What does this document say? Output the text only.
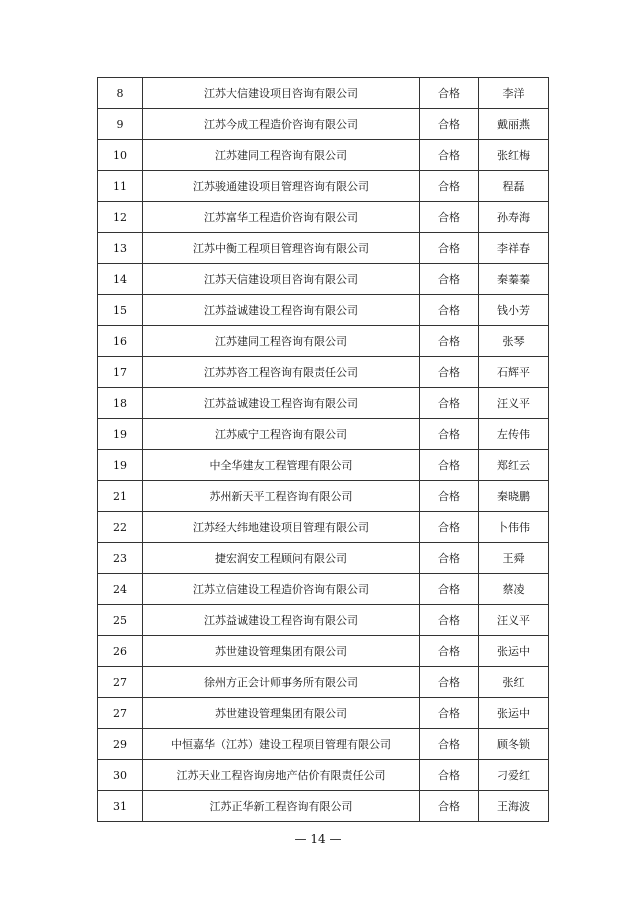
8	江苏大信建设项目咨询有限公司	合格	李洋
9	江苏今成工程造价咨询有限公司	合格	戴丽燕
10	江苏建同工程咨询有限公司	合格	张红梅
11	江苏骏通建设项目管理咨询有限公司	合格	程磊
12	江苏富华工程造价咨询有限公司	合格	孙寿海
13	江苏中衡工程项目管理咨询有限公司	合格	李祥春
14	江苏天信建设项目咨询有限公司	合格	秦蓁蓁
15	江苏益诚建设工程咨询有限公司	合格	钱小芳
16	江苏建同工程咨询有限公司	合格	张琴
17	江苏苏咨工程咨询有限责任公司	合格	石辉平
18	江苏益诚建设工程咨询有限公司	合格	汪义平
19	江苏威宁工程咨询有限公司	合格	左传伟
19	中全华建友工程管理有限公司	合格	郑红云
21	苏州新天平工程咨询有限公司	合格	秦晓鹏
22	江苏经大纬地建设项目管理有限公司	合格	卜伟伟
23	捷宏润安工程顾问有限公司	合格	王舜
24	江苏立信建设工程造价咨询有限公司	合格	蔡凌
25	江苏益诚建设工程咨询有限公司	合格	汪义平
26	苏世建设管理集团有限公司	合格	张运中
27	徐州方正会计师事务所有限公司	合格	张红
27	苏世建设管理集团有限公司	合格	张运中
29	中恒嘉华（江苏）建设工程项目管理有限公司	合格	顾冬锁
30	江苏天业工程咨询房地产估价有限责任公司	合格	刁爱红
31	江苏正华新工程咨询有限公司	合格	王海波
— 14 —
